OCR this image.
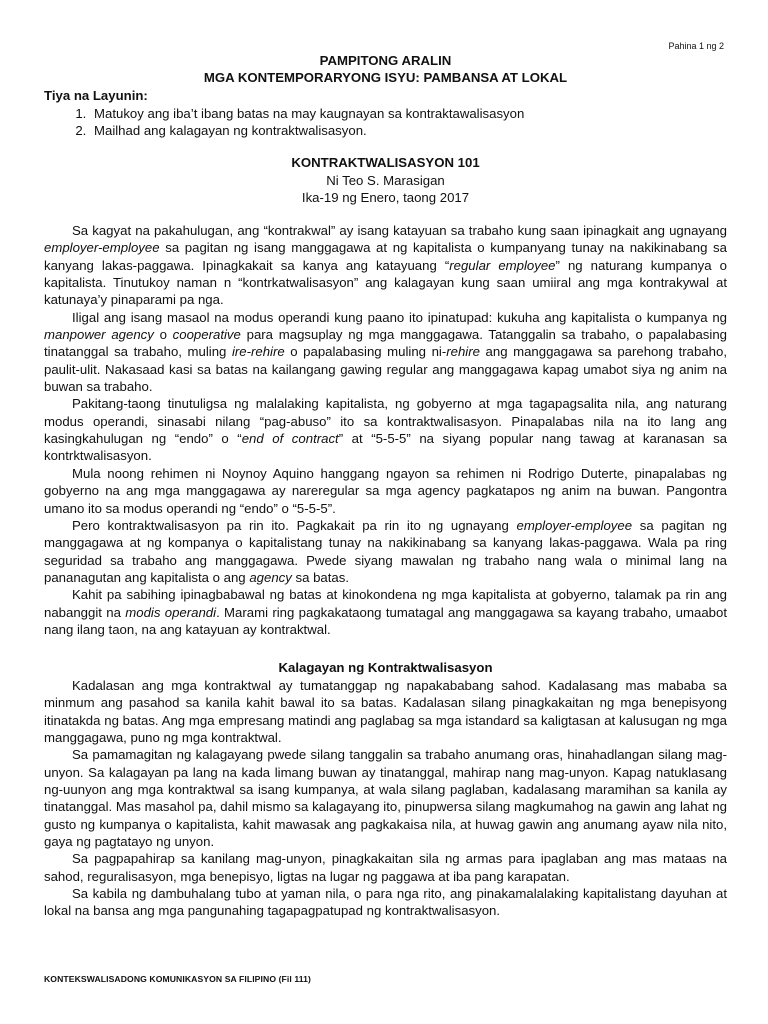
Pahina 1 ng 2
PAMPITONG ARALIN
MGA KONTEMPORARYONG ISYU: PAMBANSA AT LOKAL
Tiya na Layunin:
1. Matukoy ang iba’t ibang batas na may kaugnayan sa kontraktawalisasyon
2. Mailhad ang kalagayan ng kontraktwalisasyon.
KONTRAKTWALISASYON 101
Ni Teo S. Marasigan
Ika-19 ng Enero, taong 2017

Sa kagyat na pakahulugan, ang “kontrakwal” ay isang katayuan sa trabaho kung saan ipinagkait ang ugnayang employer-employee sa pagitan ng isang manggagawa at ng kapitalista o kumpanyang tunay na nakikinabang sa kanyang lakas-paggawa. Ipinagkakait sa kanya ang katayuang “regular employee” ng naturang kumpanya o kapitalista. Tinutukoy naman n “kontrkatwalisasyon” ang kalagayan kung saan umiiral ang mga kontrakywal at katunaya’y pinaparami pa nga.

Iligal ang isang masaol na modus operandi kung paano ito ipinatupad: kukuha ang kapitalista o kumpanya ng manpower agency o cooperative para magsuplay ng mga manggagawa. Tatanggalin sa trabaho, o papalabasing tinatanggal sa trabaho, muling ire-rehire o papalabasing muling ni-rehire ang manggagawa sa parehong trabaho, paulit-ulit. Nakasaad kasi sa batas na kailangang gawing regular ang manggagawa kapag umabot siya ng anim na buwan sa trabaho.

Pakitang-taong tinutuligsa ng malalaking kapitalista, ng gobyerno at mga tagapagsalita nila, ang naturang modus operandi, sinasabi nilang “pag-abuso” ito sa kontraktwalisasyon. Pinapalabas nila na ito lang ang kasingkahulugan ng “endo” o “end of contract” at “5-5-5” na siyang popular nang tawag at karanasan sa kontrktwalisasyon.

Mula noong rehimen ni Noynoy Aquino hanggang ngayon sa rehimen ni Rodrigo Duterte, pinapalabas ng gobyerno na ang mga manggagawa ay nareregular sa mga agency pagkatapos ng anim na buwan. Pangontra umano ito sa modus operandi ng “endo” o “5-5-5”.

Pero kontraktwalisasyon pa rin ito. Pagkakait pa rin ito ng ugnayang employer-employee sa pagitan ng manggagawa at ng kompanya o kapitalistang tunay na nakikinabang sa kanyang lakas-paggawa. Wala pa ring seguridad sa trabaho ang manggagawa. Pwede siyang mawalan ng trabaho nang wala o minimal lang na pananagutan ang kapitalista o ang agency sa batas.

Kahit pa sabihing ipinagbabawal ng batas at kinokondena ng mga kapitalista at gobyerno, talamak pa rin ang nabanggit na modis operandi. Marami ring pagkakataong tumatagal ang manggagawa sa kayang trabaho, umaabot nang ilang taon, na ang katayuan ay kontraktwal.

Kalagayan ng Kontraktwalisasyon

Kadalasan ang mga kontraktwal ay tumatanggap ng napakababang sahod. Kadalasang mas mababa sa minmum ang pasahod sa kanila kahit bawal ito sa batas. Kadalasan silang pinagkakaitan ng mga benepisyong itinatakda ng batas. Ang mga empresang matindi ang paglabag sa mga istandard sa kaligtasan at kalusugan ng mga manggagawa, puno ng mga kontraktwal.

Sa pamamagitan ng kalagayang pwede silang tanggalin sa trabaho anumang oras, hinahadlangan silang mag-unyon. Sa kalagayan pa lang na kada limang buwan ay tinatanggal, mahirap nang mag-unyon. Kapag natuklasang ng-uunyon ang mga kontraktwal sa isang kumpanya, at wala silang paglaban, kadalasang maramihan sa kanila ay tinatanggal. Mas masahol pa, dahil mismo sa kalagayang ito, pinupwersa silang magkumahog na gawin ang lahat ng gusto ng kumpanya o kapitalista, kahit mawasak ang pagkakaisa nila, at huwag gawin ang anumang ayaw nila nito, gaya ng pagtatayo ng unyon.

Sa pagpapahirap sa kanilang mag-unyon, pinagkakaitan sila ng armas para ipaglaban ang mas mataas na sahod, reguralisasyon, mga benepisyo, ligtas na lugar ng paggawa at iba pang karapatan.

Sa kabila ng dambuhalang tubo at yaman nila, o para nga rito, ang pinakamalalaking kapitalistang dayuhan at lokal na bansa ang mga pangunahing tagapagpatupad ng kontraktwalisasyon.

KONTEKSWALISADONG KOMUNIKASYON SA FILIPINO (Fil 111)
